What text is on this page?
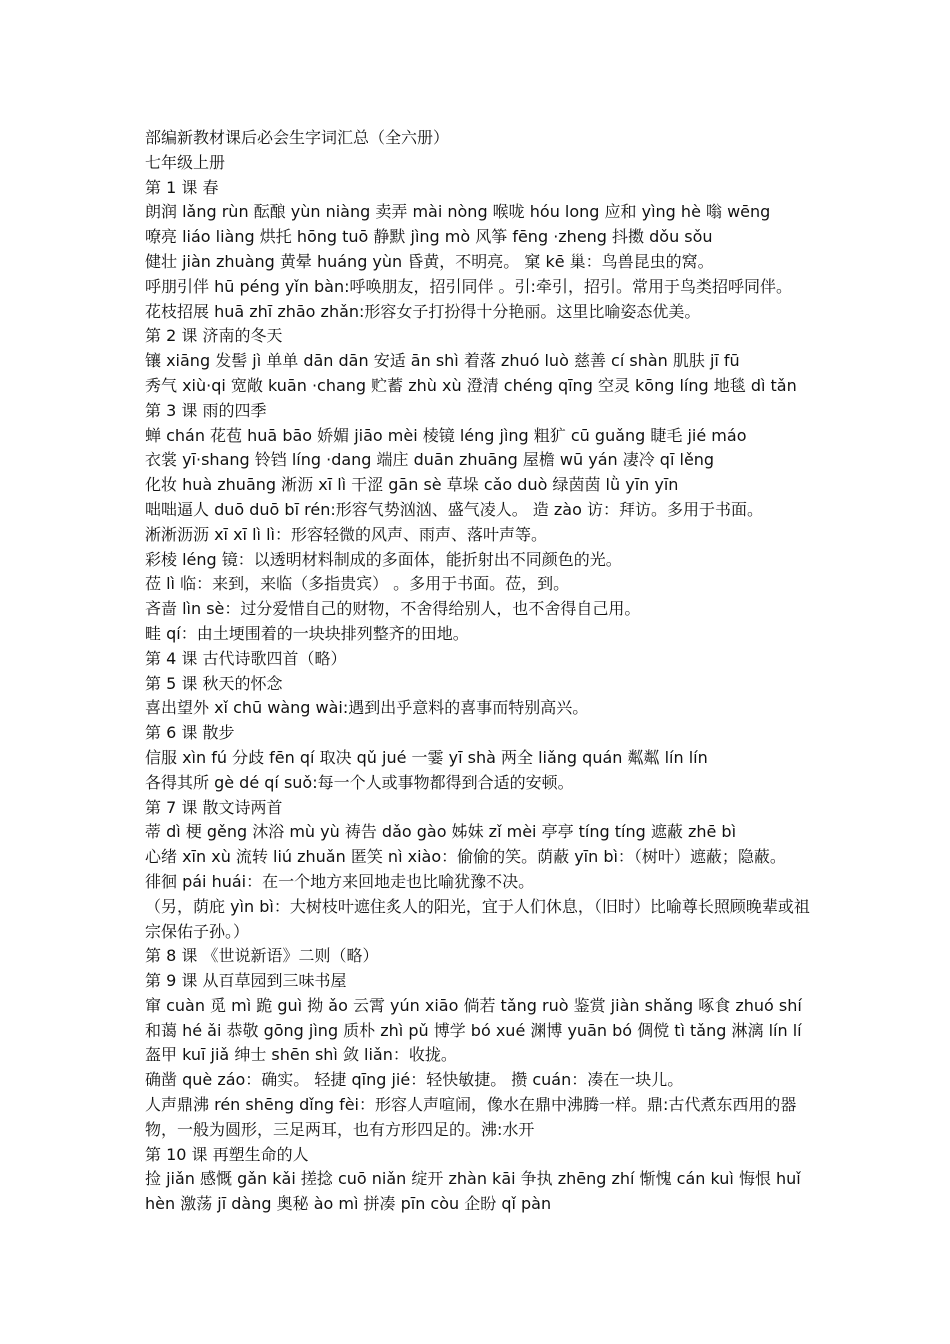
部编新教材课后必会生字词汇总（全六册）

七年级上册

第 1 课 春

朗润 lǎng rùn 酝酿 yùn niàng 卖弄 mài nòng 喉咙 hóu long 应和 yìng hè 嗡 wēng

嘹亮 liáo liàng 烘托 hōng tuō 静默 jìng mò 风筝 fēng ·zheng 抖擞 dǒu sǒu

健壮 jiàn zhuàng 黄晕 huáng yùn 昏黄，不明亮。 窠 kē 巢：鸟兽昆虫的窝。

呼朋引伴 hū péng yǐn bàn:呼唤朋友，招引同伴 。引:牵引，招引。常用于鸟类招呼同伴。

花枝招展 huā zhī zhāo zhǎn:形容女子打扮得十分艳丽。这里比喻姿态优美。

第 2 课 济南的冬天

镶 xiāng 发髻 jì 单单 dān dān 安适 ān shì 着落 zhuó luò 慈善 cí shàn 肌肤 jī fū

秀气 xiù·qi 宽敞 kuān ·chang 贮蓄 zhù xù 澄清 chéng qīng 空灵 kōng líng 地毯 dì tǎn

第 3 课 雨的四季

蝉 chán 花苞 huā bāo 娇媚 jiāo mèi 棱镜 léng jìng 粗犷 cū guǎng 睫毛 jié máo

衣裳 yī·shang 铃铛 líng ·dang 端庄 duān zhuāng 屋檐 wū yán 凄冷 qī lěng

化妆 huà zhuāng 淅沥 xī lì 干涩 gān sè 草垛 cǎo duò 绿茵茵 lǜ yīn yīn

咄咄逼人 duō duō bī rén:形容气势汹汹、盛气凌人。 造 zào 访：拜访。多用于书面。

淅淅沥沥 xī xī lì lì：形容轻微的风声、雨声、落叶声等。

彩棱 léng 镜：以透明材料制成的多面体，能折射出不同颜色的光。

莅 lì 临：来到，来临（多指贵宾） 。多用于书面。莅，到。

吝啬 lìn sè：过分爱惜自己的财物，不舍得给别人，也不舍得自己用。

畦 qí：由土埂围着的一块块排列整齐的田地。

第 4 课 古代诗歌四首（略）

第 5 课 秋天的怀念

喜出望外 xǐ chū wàng wài:遇到出乎意料的喜事而特别高兴。

第 6 课 散步

信服 xìn fú 分歧 fēn qí 取决 qǔ jué 一霎 yī shà 两全 liǎng quán 粼粼 lín lín

各得其所 gè dé qí suǒ:每一个人或事物都得到合适的安顿。

第 7 课 散文诗两首

蒂 dì 梗 gěng 沐浴 mù yù 祷告 dǎo gào 姊妹 zǐ mèi 亭亭 tíng tíng 遮蔽 zhē bì

心绪 xīn xù 流转 liú zhuǎn 匿笑 nì xiào：偷偷的笑。荫蔽 yīn bì：（树叶）遮蔽；隐蔽。

徘徊 pái huái：在一个地方来回地走也比喻犹豫不决。

（另，荫庇 yìn bì：大树枝叶遮住炙人的阳光，宜于人们休息，（旧时）比喻尊长照顾晚辈或祖宗保佑子孙。）

第 8 课 《世说新语》二则（略）

第 9 课 从百草园到三味书屋

窜 cuàn 觅 mì 跪 guì 拗 ǎo 云霄 yún xiāo 倘若 tǎng ruò 鉴赏 jiàn shǎng 啄食 zhuó shí 和蔼 hé ǎi 恭敬 gōng jìng 质朴 zhì pǔ 博学 bó xué 渊博 yuān bó 倜傥 tì tǎng 淋漓 lín lí

盔甲 kuī jiǎ 绅士 shēn shì 敛 liǎn：收拢。

确凿 què záo：确实。 轻捷 qīng jié：轻快敏捷。 攒 cuán：凑在一块儿。

人声鼎沸 rén shēng dǐng fèi：形容人声喧闹，像水在鼎中沸腾一样。鼎:古代煮东西用的器物，一般为圆形，三足两耳，也有方形四足的。沸:水开

第 10 课 再塑生命的人

捡 jiǎn 感慨 gǎn kǎi 搓捻 cuō niǎn 绽开 zhàn kāi 争执 zhēng zhí 惭愧 cán kuì 悔恨 huǐ hèn 激荡 jī dàng 奥秘 ào mì 拼凑 pīn còu 企盼 qǐ pàn
